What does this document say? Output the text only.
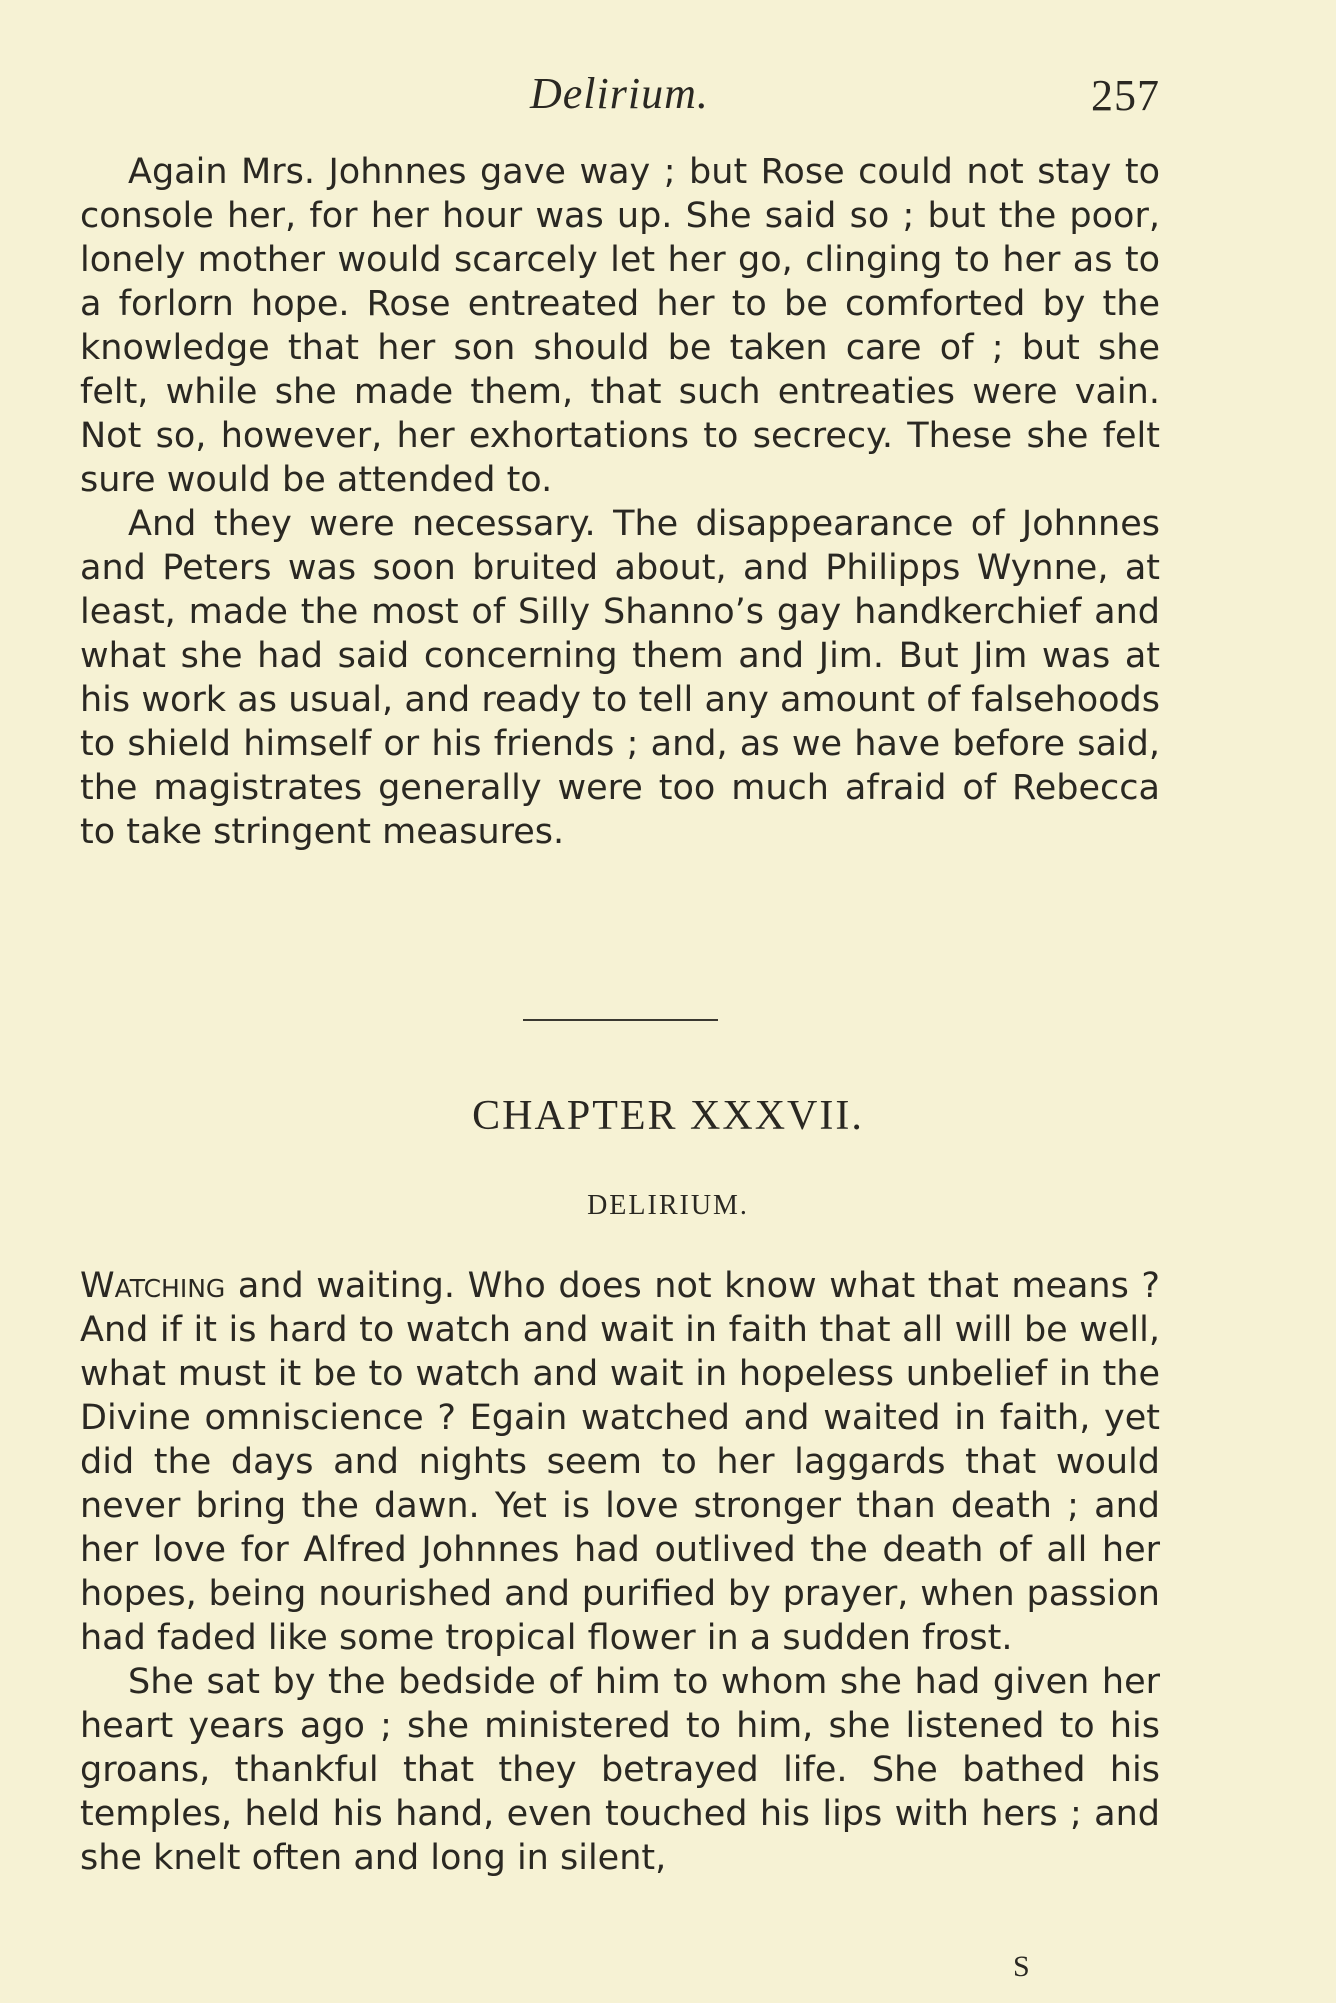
Delirium.	257

Again Mrs. Johnnes gave way ; but Rose could not stay to console her, for her hour was up. She said so ; but the poor, lonely mother would scarcely let her go, clinging to her as to a forlorn hope. Rose entreated her to be comforted by the knowledge that her son should be taken care of ; but she felt, while she made them, that such entreaties were vain. Not so, however, her exhortations to secrecy. These she felt sure would be attended to.

And they were necessary. The disappearance of Johnnes and Peters was soon bruited about, and Philipps Wynne, at least, made the most of Silly Shanno’s gay handkerchief and what she had said concerning them and Jim. But Jim was at his work as usual, and ready to tell any amount of falsehoods to shield himself or his friends ; and, as we have before said, the magistrates generally were too much afraid of Rebecca to take stringent measures.

CHAPTER XXXVII.
DELIRIUM.

Watching and waiting. Who does not know what that means ? And if it is hard to watch and wait in faith that all will be well, what must it be to watch and wait in hopeless unbelief in the Divine omniscience ? Egain watched and waited in faith, yet did the days and nights seem to her laggards that would never bring the dawn. Yet is love stronger than death ; and her love for Alfred Johnnes had outlived the death of all her hopes, being nourished and purified by prayer, when passion had faded like some tropical flower in a sudden frost.

She sat by the bedside of him to whom she had given her heart years ago ; she ministered to him, she listened to his groans, thankful that they betrayed life. She bathed his temples, held his hand, even touched his lips with hers ; and she knelt often and long in silent,

S
